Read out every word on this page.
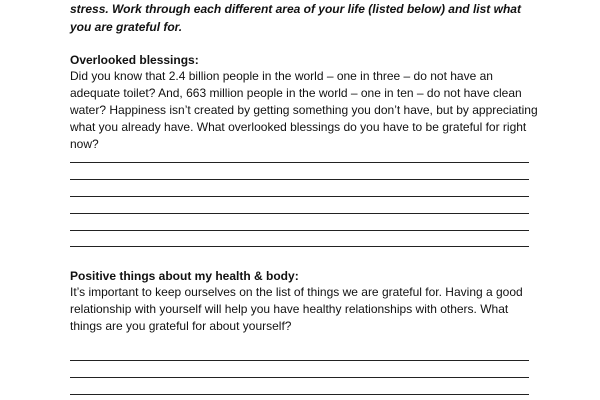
stress. Work through each different area of your life (listed below) and list what you are grateful for.
Overlooked blessings:
Did you know that 2.4 billion people in the world – one in three – do not have an adequate toilet? And, 663 million people in the world – one in ten – do not have clean water? Happiness isn’t created by getting something you don’t have, but by appreciating what you already have. What overlooked blessings do you have to be grateful for right now?
Positive things about my health & body:
It’s important to keep ourselves on the list of things we are grateful for. Having a good relationship with yourself will help you have healthy relationships with others. What things are you grateful for about yourself?
